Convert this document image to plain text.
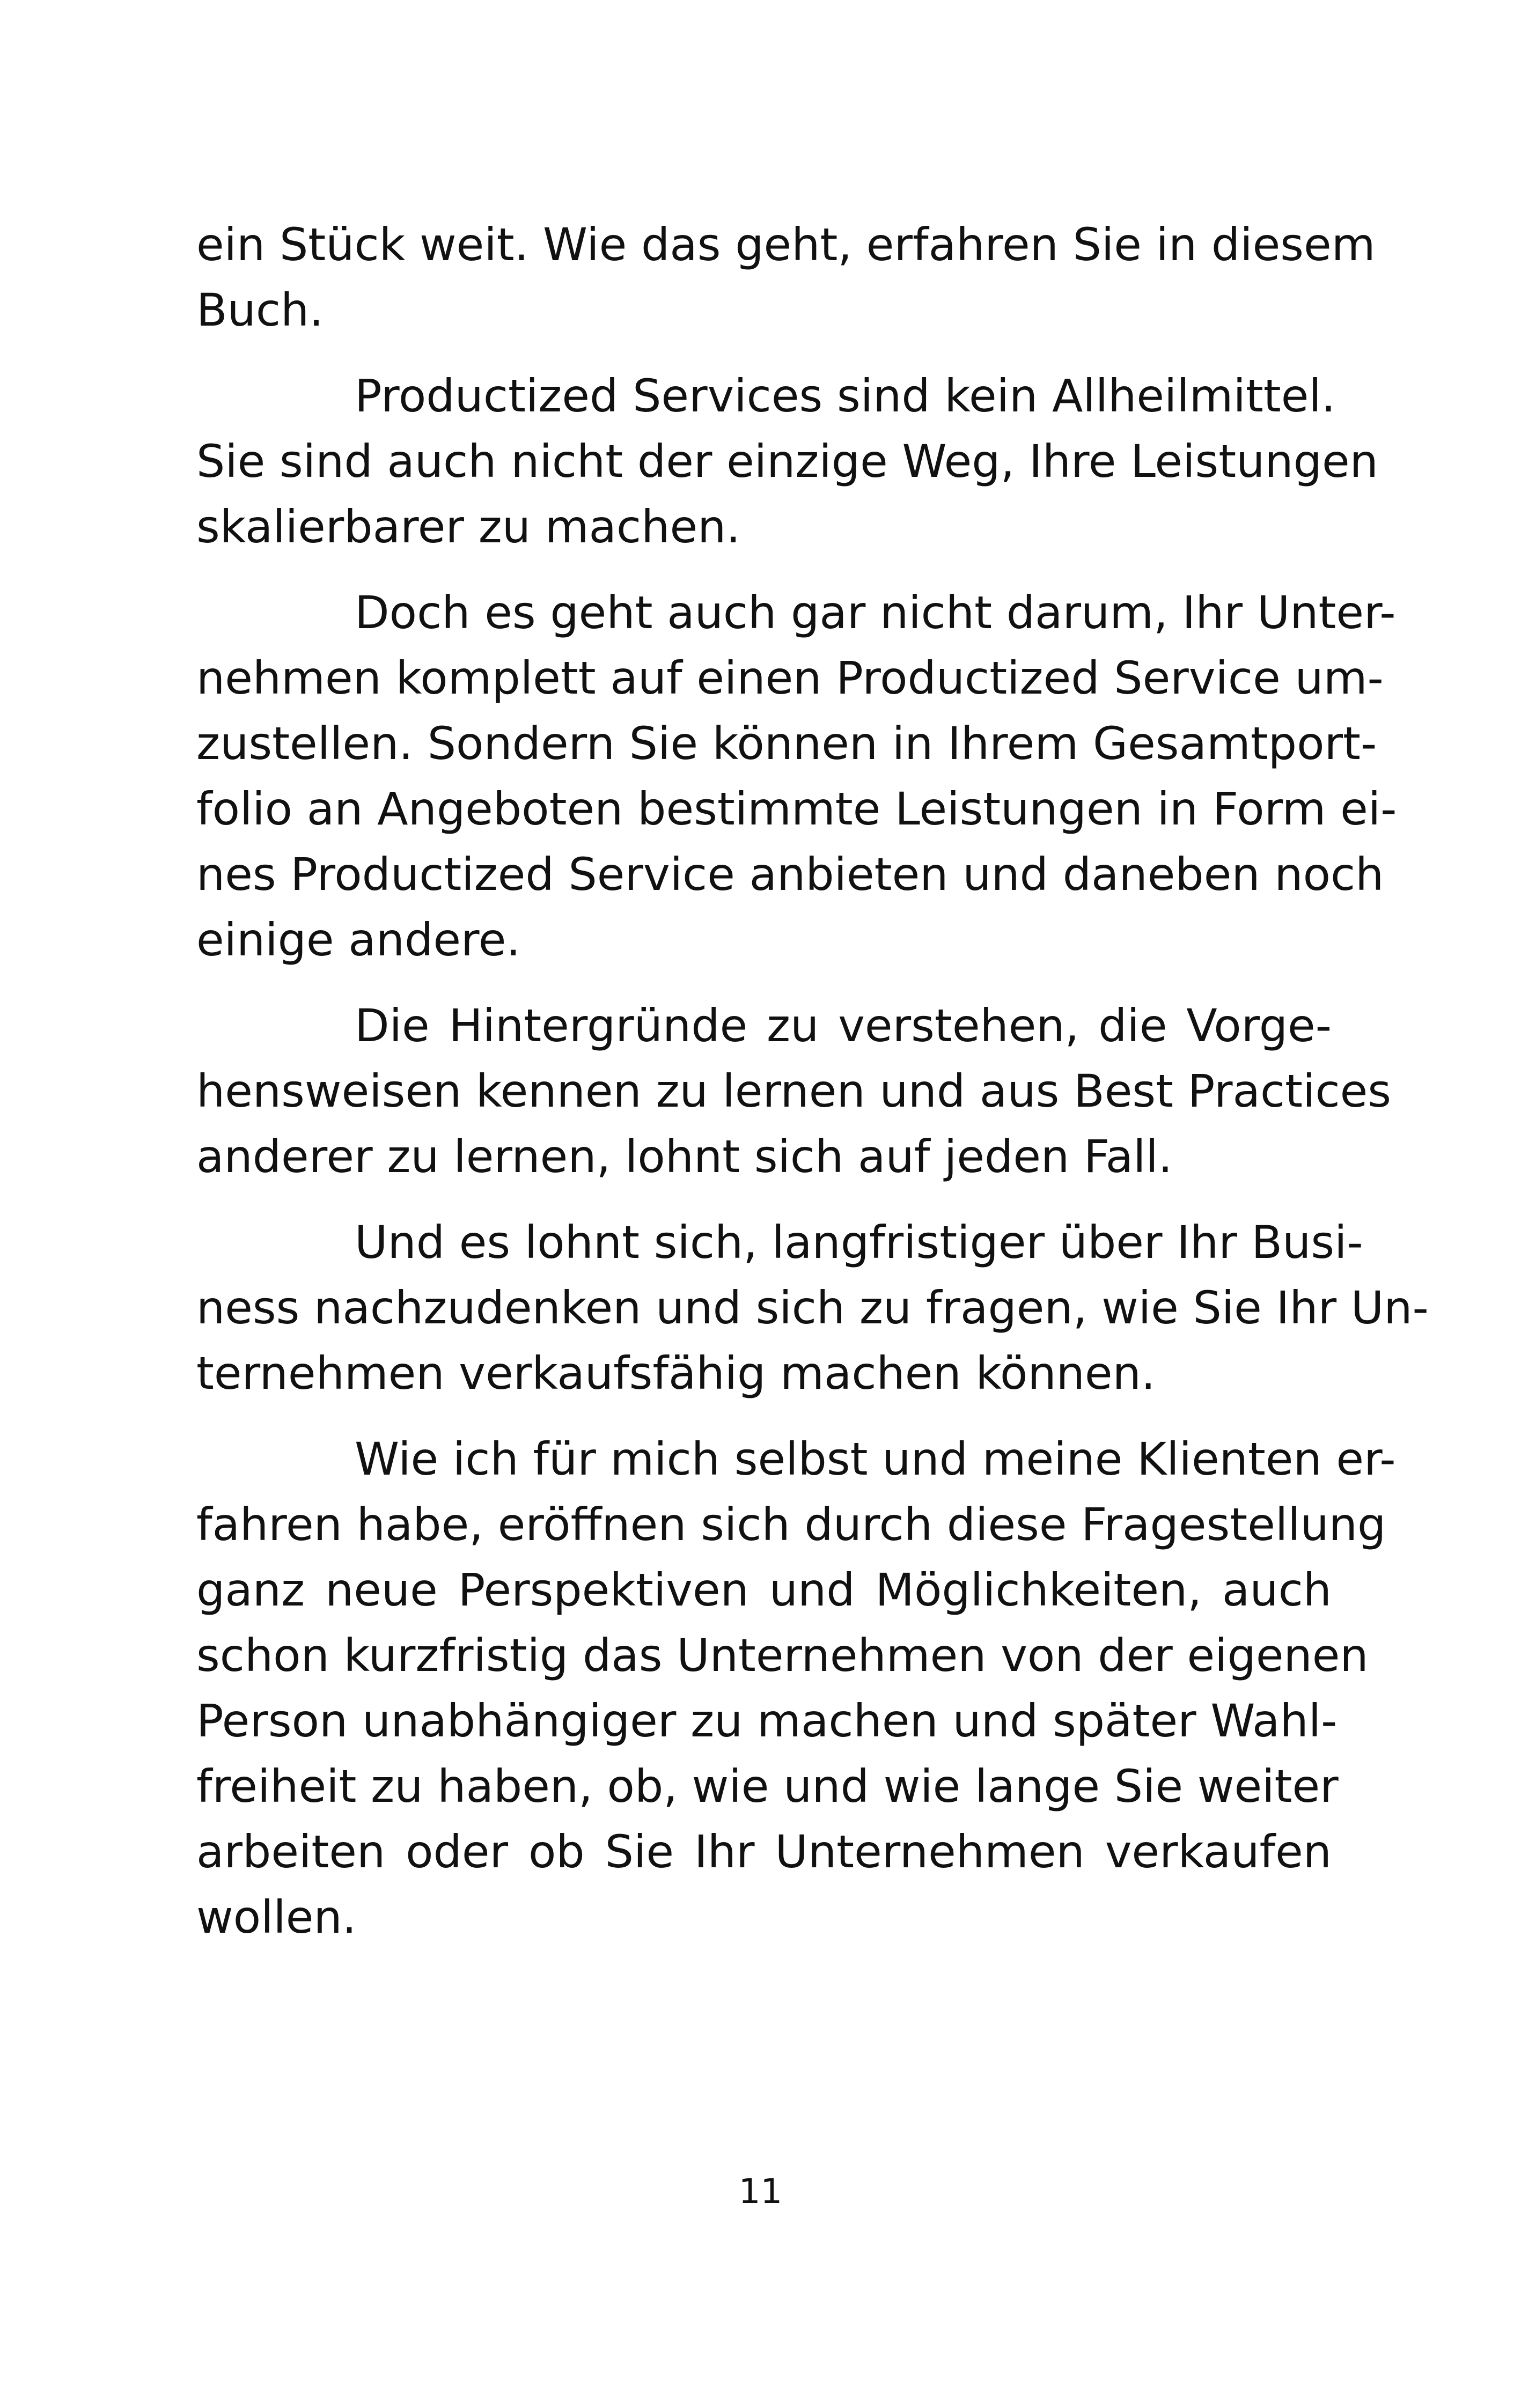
ein Stück weit. Wie das geht, erfahren Sie in diesem
Buch.
Productized Services sind kein Allheilmittel.
Sie sind auch nicht der einzige Weg, Ihre Leistungen
skalierbarer zu machen.
Doch es geht auch gar nicht darum, Ihr Unter-
nehmen komplett auf einen Productized Service um-
zustellen. Sondern Sie können in Ihrem Gesamtport-
folio an Angeboten bestimmte Leistungen in Form ei-
nes Productized Service anbieten und daneben noch
einige andere.
Die Hintergründe zu verstehen, die Vorge-
hensweisen kennen zu lernen und aus Best Practices
anderer zu lernen, lohnt sich auf jeden Fall.
Und es lohnt sich, langfristiger über Ihr Busi-
ness nachzudenken und sich zu fragen, wie Sie Ihr Un-
ternehmen verkaufsfähig machen können.
Wie ich für mich selbst und meine Klienten er-
fahren habe, eröffnen sich durch diese Fragestellung
ganz neue Perspektiven und Möglichkeiten, auch
schon kurzfristig das Unternehmen von der eigenen
Person unabhängiger zu machen und später Wahl-
freiheit zu haben, ob, wie und wie lange Sie weiter
arbeiten oder ob Sie Ihr Unternehmen verkaufen
wollen.
11
